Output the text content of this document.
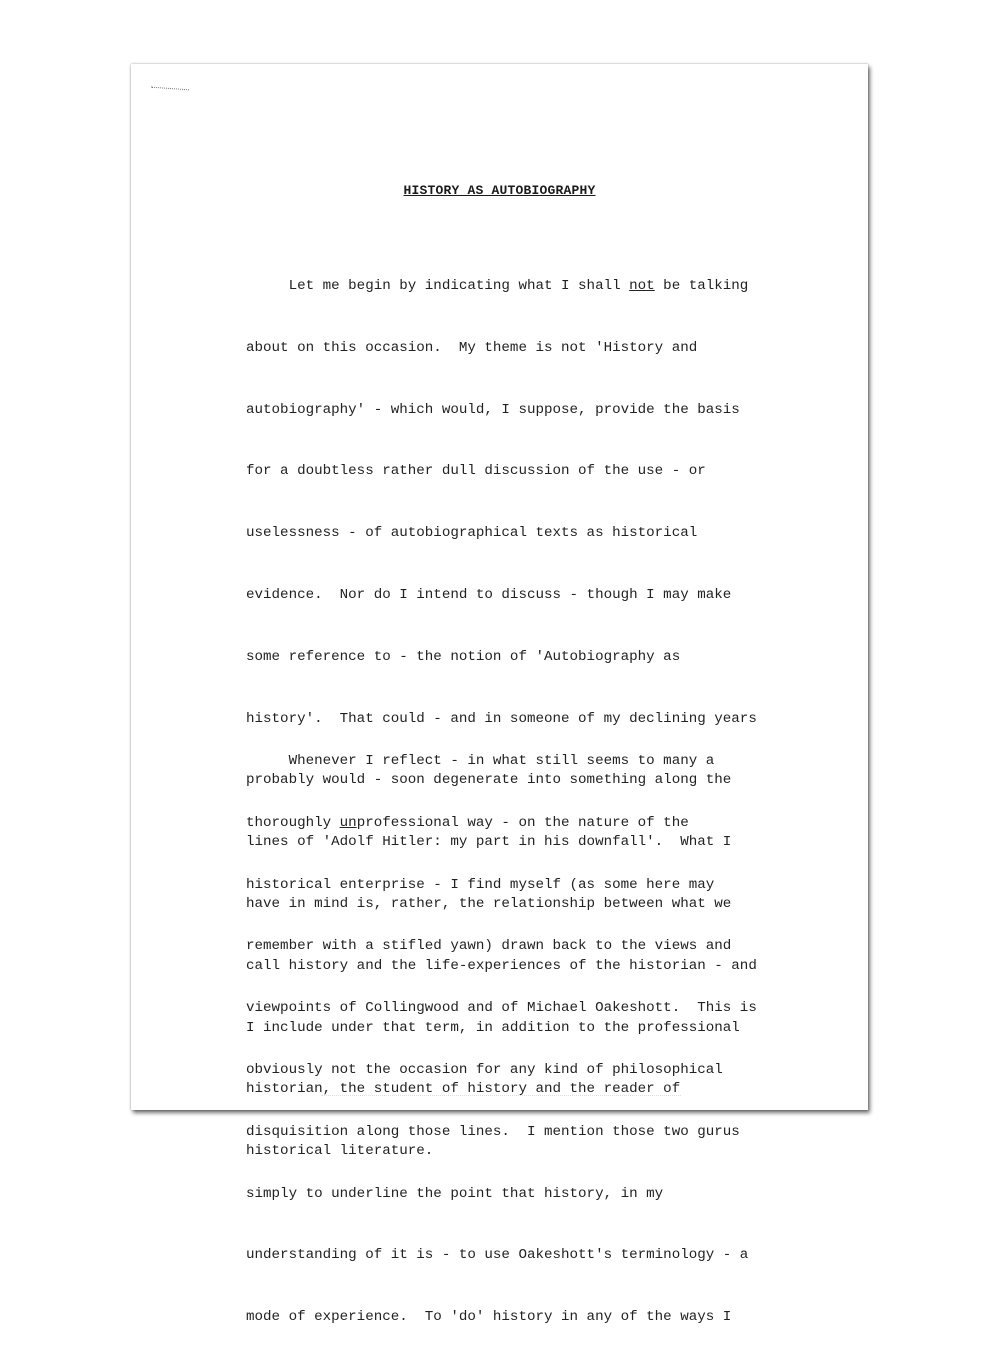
HISTORY AS AUTOBIOGRAPHY

Let me begin by indicating what I shall not be talking

about on this occasion.  My theme is not 'History and

autobiography' - which would, I suppose, provide the basis

for a doubtless rather dull discussion of the use - or

uselessness - of autobiographical texts as historical

evidence.  Nor do I intend to discuss - though I may make

some reference to - the notion of 'Autobiography as

history'.  That could - and in someone of my declining years

probably would - soon degenerate into something along the

lines of 'Adolf Hitler: my part in his downfall'.  What I

have in mind is, rather, the relationship between what we

call history and the life-experiences of the historian - and

I include under that term, in addition to the professional

historian, the student of history and the reader of

historical literature.

Whenever I reflect - in what still seems to many a

thoroughly unprofessional way - on the nature of the

historical enterprise - I find myself (as some here may

remember with a stifled yawn) drawn back to the views and

viewpoints of Collingwood and of Michael Oakeshott.  This is

obviously not the occasion for any kind of philosophical

disquisition along those lines.  I mention those two gurus

simply to underline the point that history, in my

understanding of it is - to use Oakeshott's terminology - a

mode of experience.  To 'do' history in any of the ways I
